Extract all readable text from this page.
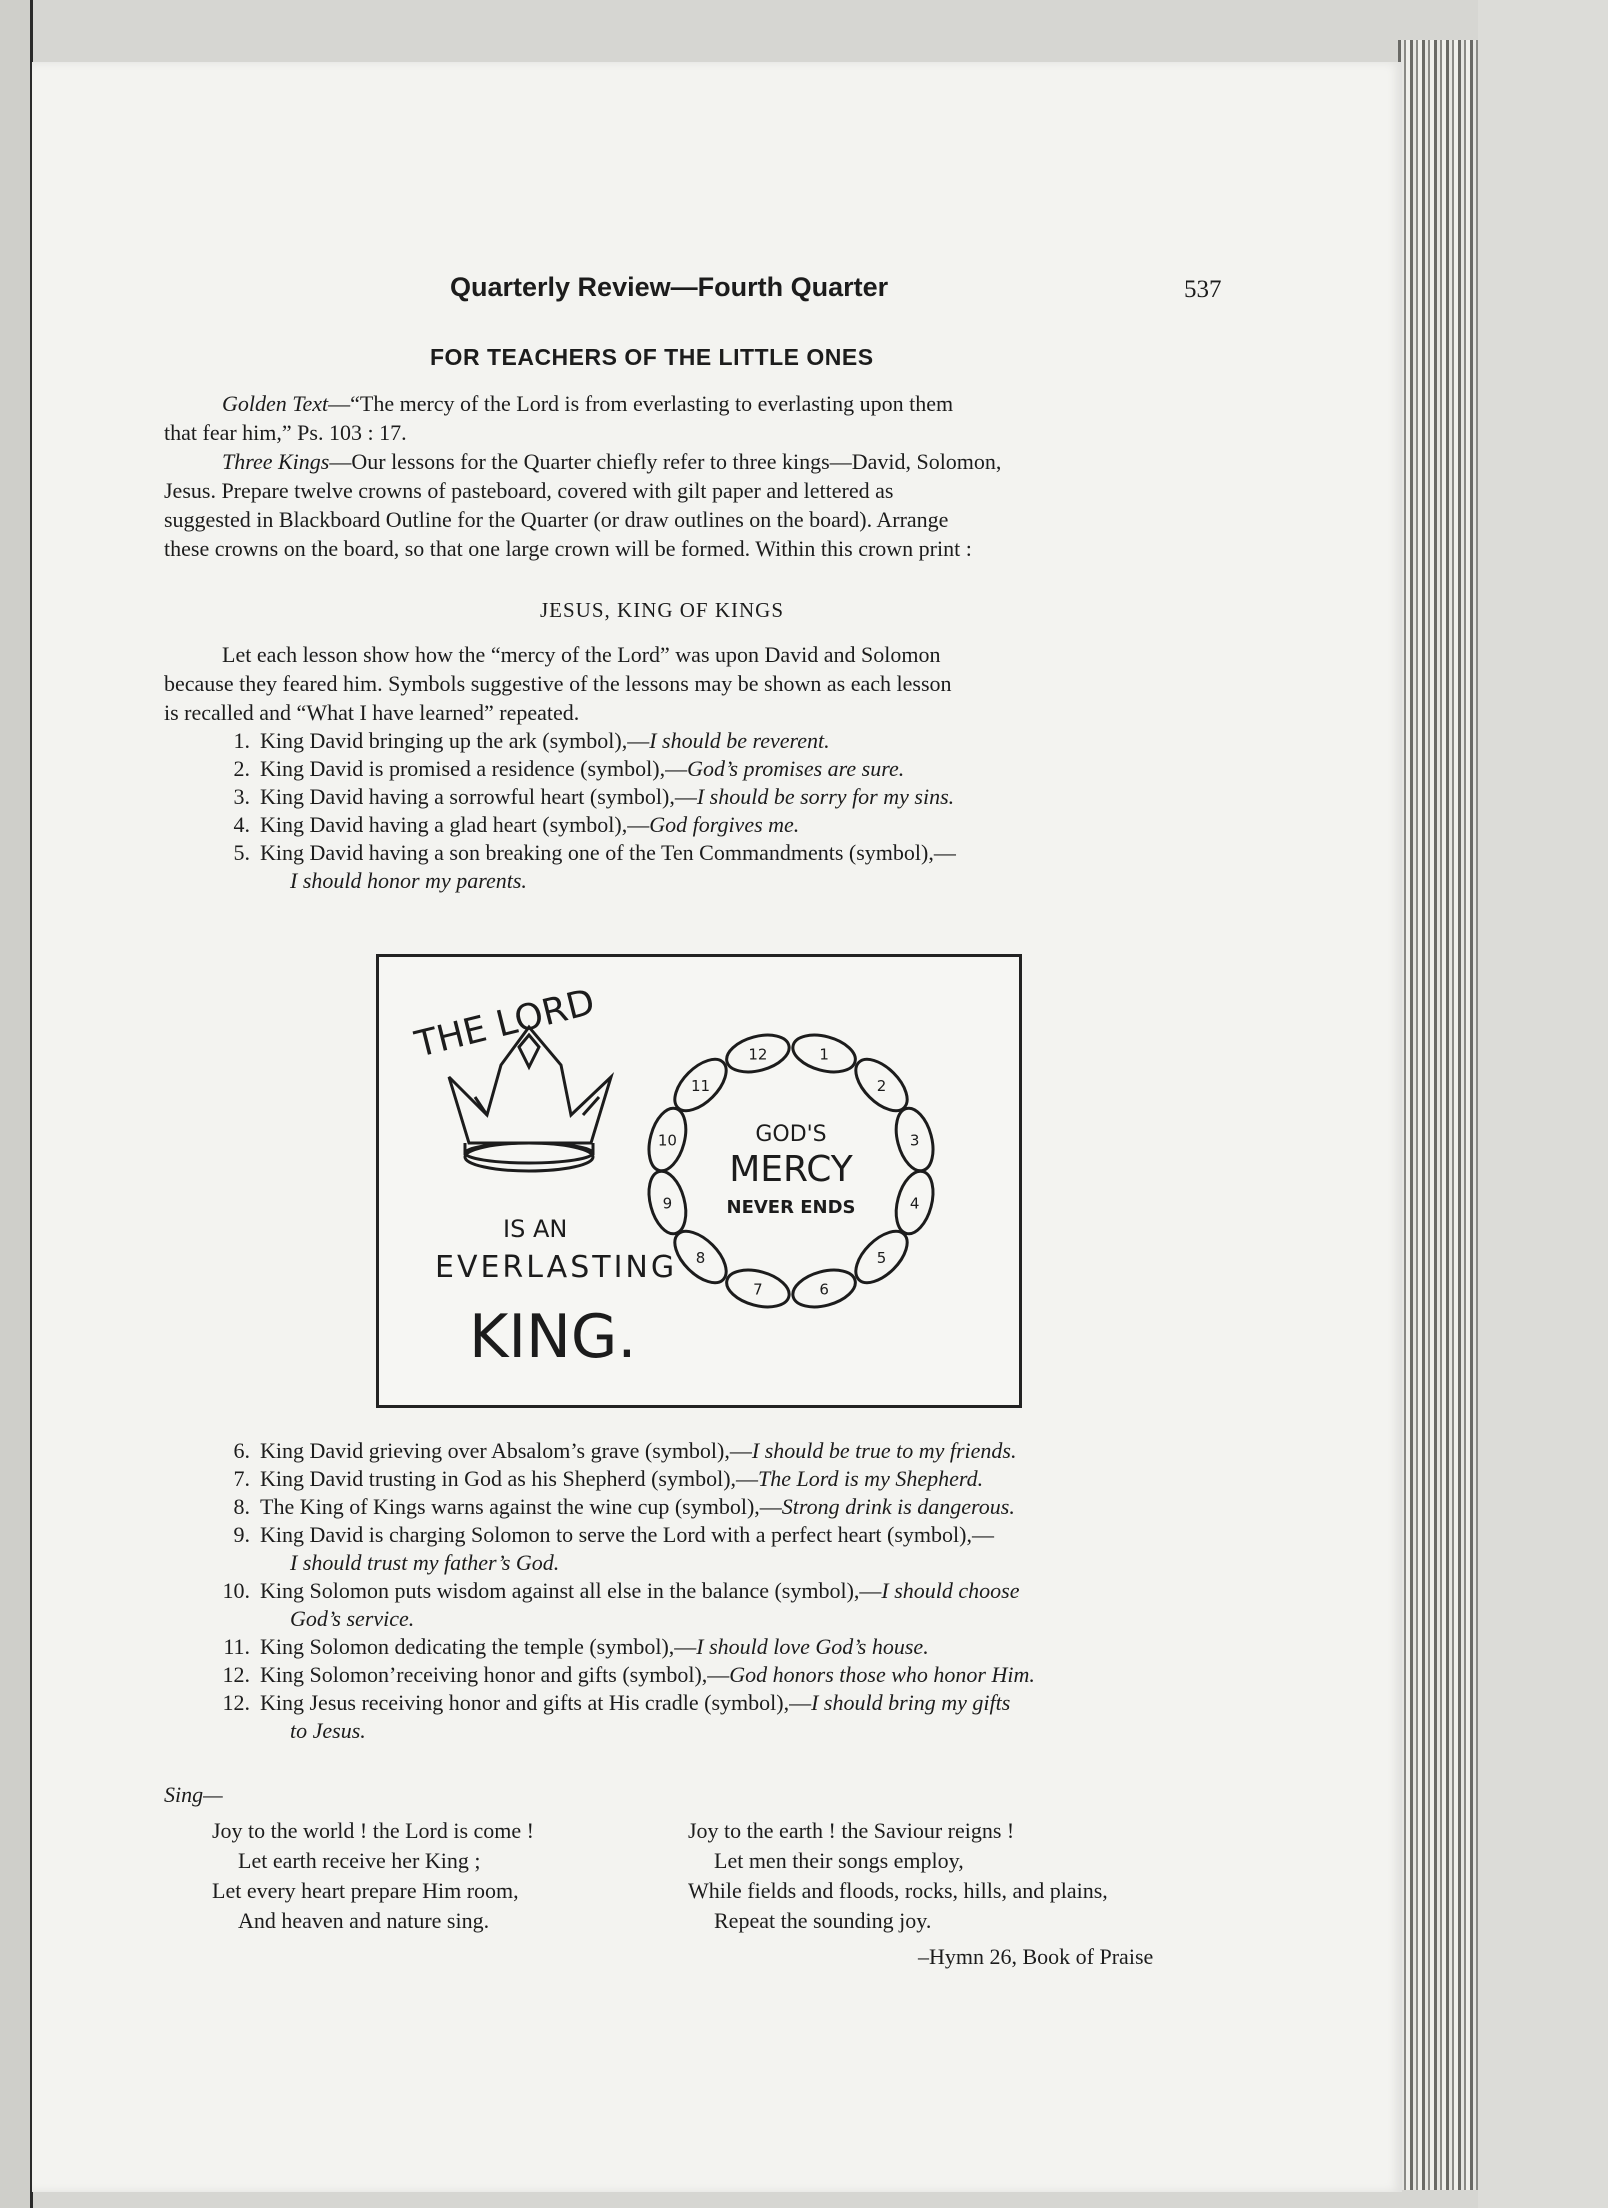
Quarterly Review—Fourth Quarter	537
FOR TEACHERS OF THE LITTLE ONES
Golden Text—“The mercy of the Lord is from everlasting to everlasting upon them
that fear him,” Ps. 103 : 17.
Three Kings—Our lessons for the Quarter chiefly refer to three kings—David, Solomon,
Jesus. Prepare twelve crowns of pasteboard, covered with gilt paper and lettered as
suggested in Blackboard Outline for the Quarter (or draw outlines on the board). Arrange
these crowns on the board, so that one large crown will be formed. Within this crown print :
JESUS, KING OF KINGS
Let each lesson show how the “mercy of the Lord” was upon David and Solomon
because they feared him. Symbols suggestive of the lessons may be shown as each lesson
is recalled and “What I have learned” repeated.
1. King David bringing up the ark (symbol),— I should be reverent.
2. King David is promised a residence (symbol),— God’s promises are sure.
3. King David having a sorrowful heart (symbol),— I should be sorry for my sins.
4. King David having a glad heart (symbol),— God forgives me.
5. King David having a son breaking one of the Ten Commandments (symbol),—
I should honor my parents.
THE LORD
IS AN
EVERLASTING
KING.
1
2
3
4
5
6
7
8
9
10
11
12
GOD'S
MERCY
NEVER ENDS
6. King David grieving over Absalom’s grave (symbol),— I should be true to my friends.
7. King David trusting in God as his Shepherd (symbol),— The Lord is my Shepherd.
8. The King of Kings warns against the wine cup (symbol),— Strong drink is dangerous.
9. King David is charging Solomon to serve the Lord with a perfect heart (symbol),—
I should trust my father’s God.
10. King Solomon puts wisdom against all else in the balance (symbol),— I should choose
God’s service.
11. King Solomon dedicating the temple (symbol),— I should love God’s house.
12. King Solomon’receiving honor and gifts (symbol),— God honors those who honor Him.
12. King Jesus receiving honor and gifts at His cradle (symbol),— I should bring my gifts
to Jesus.
Sing—
Joy to the world ! the Lord is come !
Let earth receive her King ;
Let every heart prepare Him room,
And heaven and nature sing.
Joy to the earth ! the Saviour reigns !
Let men their songs employ,
While fields and floods, rocks, hills, and plains,
Repeat the sounding joy.
–Hymn 26, Book of Praise
